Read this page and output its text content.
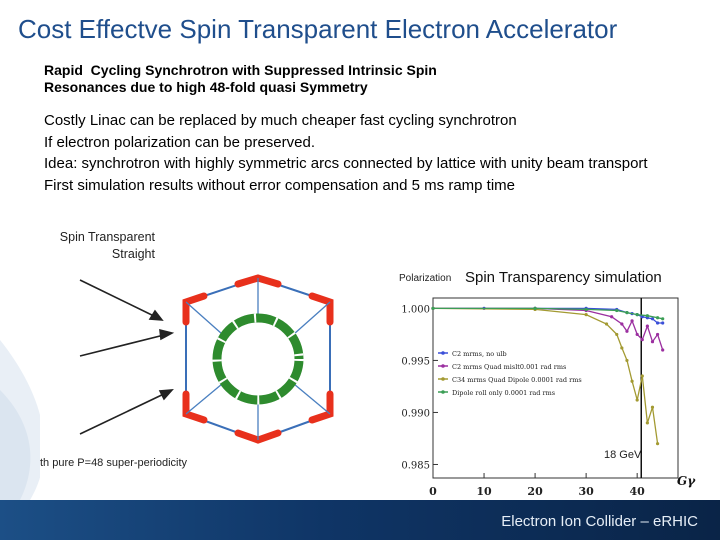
Cost Effectve Spin Transparent Electron Accelerator
Rapid  Cycling Synchrotron with Suppressed Intrinsic Spin
Resonances due to high 48-fold quasi Symmetry
Costly Linac can be replaced by much cheaper fast cycling synchrotron
If electron polarization can be preserved.
Idea: synchrotron with highly symmetric arcs connected by lattice with unity beam transport
First simulation results without error compensation and 5 ms ramp time
Spin Transparent
Straight
th pure P=48 super-periodicity
1.000
0.995
0.990
0.985
0	10	20	30	40
C2 mrms, no ulb
C2 mrms Quad mislt0.001 rad rms
C34 mrms Quad Dipole 0.0001 rad rms
Dipole roll only 0.0001 rad rms
Polarization Spin Transparency simulation
18 GeV
Gγ
Electron Ion Collider – eRHIC
